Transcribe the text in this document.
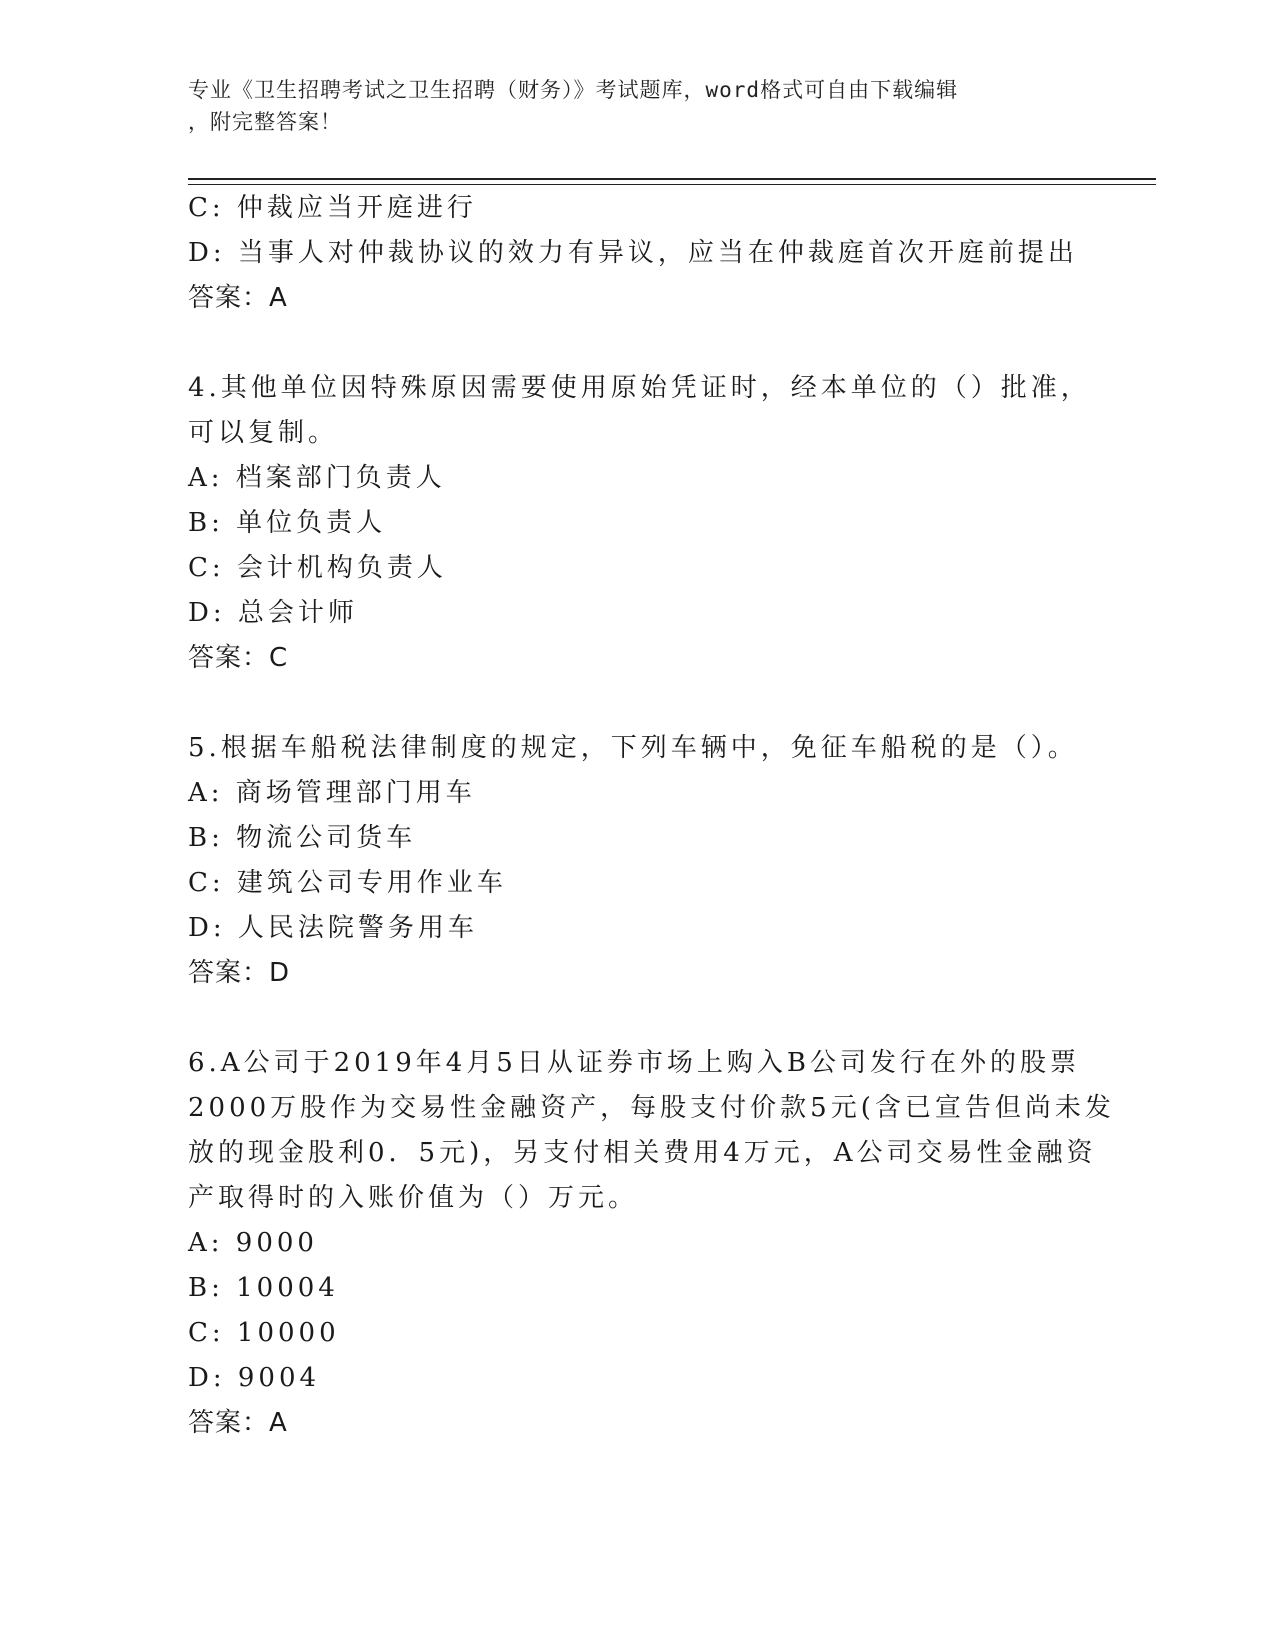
专业《卫生招聘考试之卫生招聘（财务）》考试题库，word格式可自由下载编辑
，附完整答案！
C: 仲裁应当开庭进行
D: 当事人对仲裁协议的效力有异议，应当在仲裁庭首次开庭前提出
答案：A
4.其他单位因特殊原因需要使用原始凭证时，经本单位的（）批准，
可以复制。
A: 档案部门负责人
B: 单位负责人
C: 会计机构负责人
D: 总会计师
答案：C
5.根据车船税法律制度的规定，下列车辆中，免征车船税的是（）。
A: 商场管理部门用车
B: 物流公司货车
C: 建筑公司专用作业车
D: 人民法院警务用车
答案：D
6.A公司于2019年4月5日从证券市场上购入B公司发行在外的股票
2000万股作为交易性金融资产，每股支付价款5元(含已宣告但尚未发
放的现金股利0．5元)，另支付相关费用4万元，A公司交易性金融资
产取得时的入账价值为（）万元。
A: 9000
B: 10004
C: 10000
D: 9004
答案：A
